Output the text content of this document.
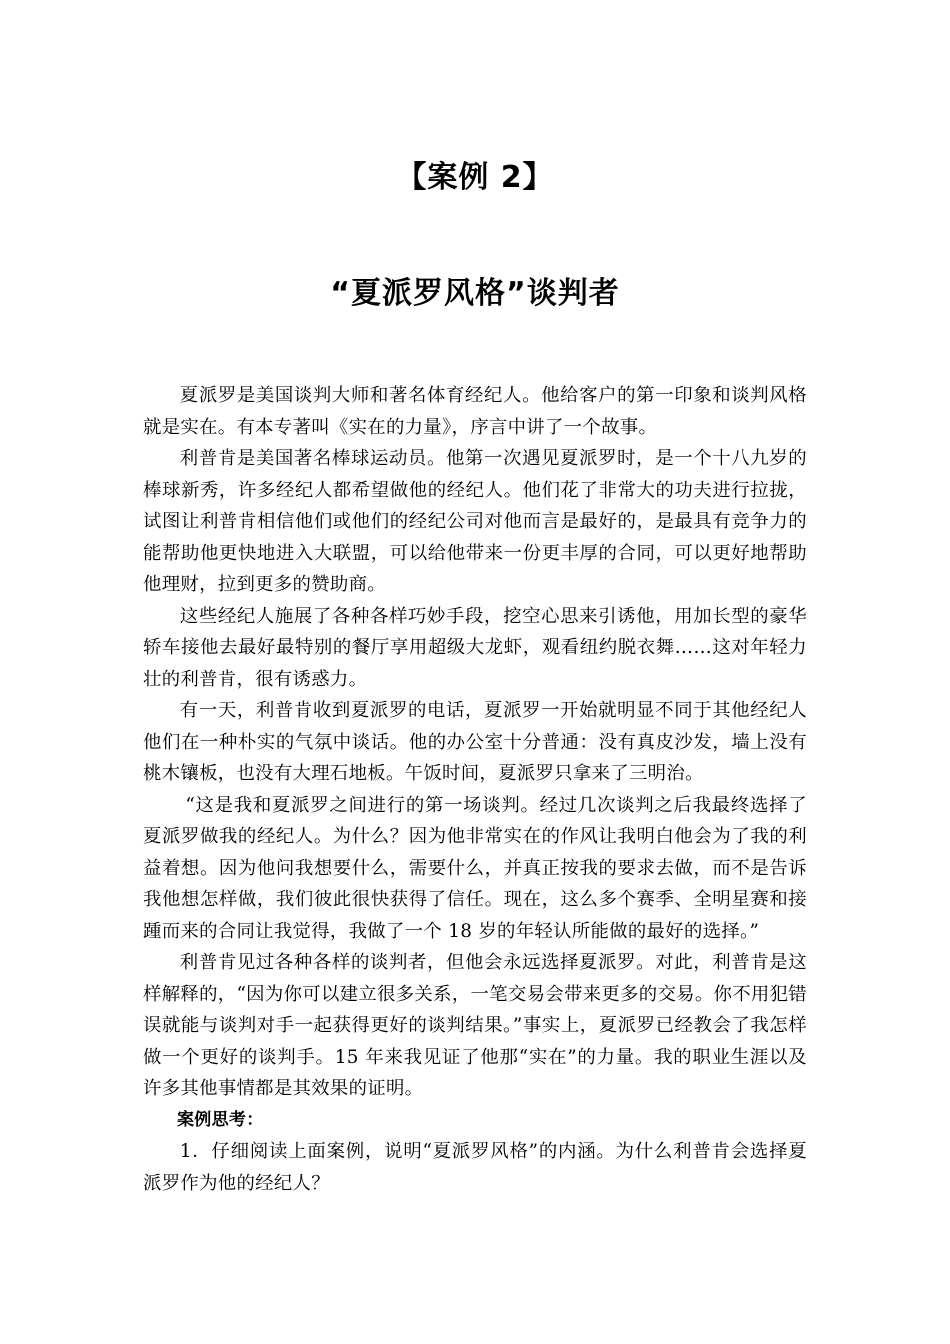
【案例 2】
“夏派罗风格”谈判者

夏派罗是美国谈判大师和著名体育经纪人。他给客户的第一印象和谈判风格就是实在。有本专著叫《实在的力量》，序言中讲了一个故事。

利普肯是美国著名棒球运动员。他第一次遇见夏派罗时，是一个十八九岁的棒球新秀，许多经纪人都希望做他的经纪人。他们花了非常大的功夫进行拉拢，试图让利普肯相信他们或他们的经纪公司对他而言是最好的，是最具有竞争力的能帮助他更快地进入大联盟，可以给他带来一份更丰厚的合同，可以更好地帮助他理财，拉到更多的赞助商。

这些经纪人施展了各种各样巧妙手段，挖空心思来引诱他，用加长型的豪华轿车接他去最好最特别的餐厅享用超级大龙虾，观看纽约脱衣舞……这对年轻力壮的利普肯，很有诱惑力。

有一天，利普肯收到夏派罗的电话，夏派罗一开始就明显不同于其他经纪人他们在一种朴实的气氛中谈话。他的办公室十分普通：没有真皮沙发，墙上没有桃木镶板，也没有大理石地板。午饭时间，夏派罗只拿来了三明治。

“这是我和夏派罗之间进行的第一场谈判。经过几次谈判之后我最终选择了夏派罗做我的经纪人。为什么？因为他非常实在的作风让我明白他会为了我的利益着想。因为他问我想要什么，需要什么，并真正按我的要求去做，而不是告诉我他想怎样做，我们彼此很快获得了信任。现在，这么多个赛季、全明星赛和接踵而来的合同让我觉得，我做了一个 18 岁的年轻认所能做的最好的选择。”

利普肯见过各种各样的谈判者，但他会永远选择夏派罗。对此，利普肯是这样解释的，“因为你可以建立很多关系，一笔交易会带来更多的交易。你不用犯错误就能与谈判对手一起获得更好的谈判结果。”事实上，夏派罗已经教会了我怎样做一个更好的谈判手。15 年来我见证了他那“实在”的力量。我的职业生涯以及许多其他事情都是其效果的证明。

案例思考：

1．仔细阅读上面案例，说明“夏派罗风格”的内涵。为什么利普肯会选择夏派罗作为他的经纪人？
